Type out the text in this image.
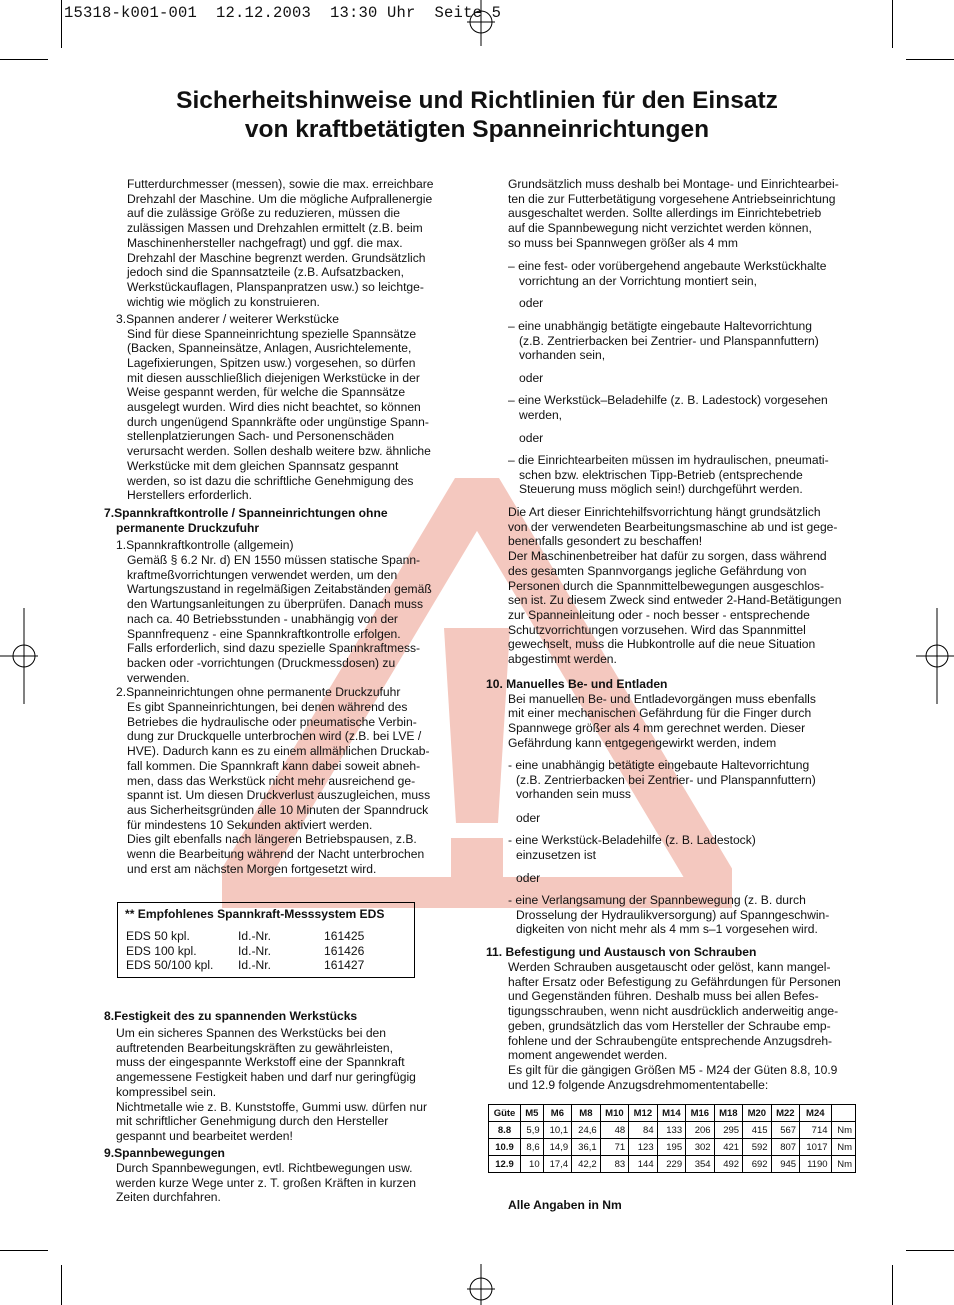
15318-k001-001  12.12.2003  13:30 Uhr  Seite 5
Sicherheitshinweise und Richtlinien für den Einsatz
von kraftbetätigten Spanneinrichtungen
Futterdurchmesser (messen), sowie die max. erreichbare
Drehzahl der Maschine. Um die mögliche Aufprallenergie
auf die zulässige Größe zu reduzieren, müssen die
zulässigen Massen und Drehzahlen ermittelt (z.B. beim
Maschinenhersteller nachgefragt) und ggf. die max.
Drehzahl der Maschine begrenzt werden. Grundsätzlich
jedoch sind die Spannsatzteile (z.B. Aufsatzbacken,
Werkstückauflagen, Planspanpratzen usw.) so leichtge-
wichtig wie möglich zu konstruieren.
3.Spannen anderer / weiterer Werkstücke
Sind für diese Spanneinrichtung spezielle Spannsätze
(Backen, Spanneinsätze, Anlagen, Ausrichtelemente,
Lagefixierungen, Spitzen usw.) vorgesehen, so dürfen
mit diesen ausschließlich diejenigen Werkstücke in der
Weise gespannt werden, für welche die Spannsätze
ausgelegt wurden. Wird dies nicht beachtet, so können
durch ungenügend Spannkräfte oder ungünstige Spann-
stellenplatzierungen Sach- und Personenschäden
verursacht werden. Sollen deshalb weitere bzw. ähnliche
Werkstücke mit dem gleichen Spannsatz gespannt
werden, so ist dazu die schriftliche Genehmigung des
Herstellers erforderlich.
7.Spannkraftkontrolle / Spanneinrichtungen ohne
permanente Druckzufuhr
1.Spannkraftkontrolle (allgemein)
Gemäß § 6.2 Nr. d) EN 1550 müssen statische Spann-
kraftmeßvorrichtungen verwendet werden, um den
Wartungszustand in regelmäßigen Zeitabständen gemäß
den Wartungsanleitungen zu überprüfen. Danach muss
nach ca. 40 Betriebsstunden - unabhängig von der
Spannfrequenz - eine Spannkraftkontrolle erfolgen.
Falls erforderlich, sind dazu spezielle Spannkraftmess-
backen oder -vorrichtungen (Druckmessdosen) zu
verwenden.
2.Spanneinrichtungen ohne permanente Druckzufuhr
Es gibt Spanneinrichtungen, bei denen während des
Betriebes die hydraulische oder pneumatische Verbin-
dung zur Druckquelle unterbrochen wird (z.B. bei LVE /
HVE). Dadurch kann es zu einem allmählichen Druckab-
fall kommen. Die Spannkraft kann dabei soweit abneh-
men, dass das Werkstück nicht mehr ausreichend ge-
spannt ist. Um diesen Druckverlust auszugleichen, muss
aus Sicherheitsgründen alle 10 Minuten der Spanndruck
für mindestens 10 Sekunden aktiviert werden.
Dies gilt ebenfalls nach längeren Betriebspausen, z.B.
wenn die Bearbeitung während der Nacht unterbrochen
und erst am nächsten Morgen fortgesetzt wird.
** Empfohlenes Spannkraft-Messsystem EDS
EDS 50 kpl.	Id.-Nr.	161425
EDS 100 kpl.	Id.-Nr.	161426
EDS 50/100 kpl. Id.-Nr.	161427
8.Festigkeit des zu spannenden Werkstücks
Um ein sicheres Spannen des Werkstücks bei den
auftretenden Bearbeitungskräften zu gewährleisten,
muss der eingespannte Werkstoff eine der Spannkraft
angemessene Festigkeit haben und darf nur geringfügig
kompressibel sein.
Nichtmetalle wie z. B. Kunststoffe, Gummi usw. dürfen nur
mit schriftlicher Genehmigung durch den Hersteller
gespannt und bearbeitet werden!
9.Spannbewegungen
Durch Spannbewegungen, evtl. Richtbewegungen usw.
werden kurze Wege unter z. T. großen Kräften in kurzen
Zeiten durchfahren.
Grundsätzlich muss deshalb bei Montage- und Einrichtearbei-
ten die zur Futterbetätigung vorgesehene Antriebseinrichtung
ausgeschaltet werden. Sollte allerdings im Einrichtebetrieb
auf die Spannbewegung nicht verzichtet werden können,
so muss bei Spannwegen größer als 4 mm
– eine fest- oder vorübergehend angebaute Werkstückhalte
vorrichtung an der Vorrichtung montiert sein,
oder
– eine unabhängig betätigte eingebaute Haltevorrichtung
(z.B. Zentrierbacken bei Zentrier- und Planspannfuttern)
vorhanden sein,
oder
– eine Werkstück–Beladehilfe (z. B. Ladestock) vorgesehen
werden,
oder
– die Einrichtearbeiten müssen im hydraulischen, pneumati-
schen bzw. elektrischen Tipp-Betrieb (entsprechende
Steuerung muss möglich sein!) durchgeführt werden.
Die Art dieser Einrichtehilfsvorrichtung hängt grundsätzlich
von der verwendeten Bearbeitungsmaschine ab und ist gege-
benenfalls gesondert zu beschaffen!
Der Maschinenbetreiber hat dafür zu sorgen, dass während
des gesamten Spannvorgangs jegliche Gefährdung von
Personen durch die Spannmittelbewegungen ausgeschlos-
sen ist. Zu diesem Zweck sind entweder 2-Hand-Betätigungen
zur Spanneinleitung oder - noch besser - entsprechende
Schutzvorrichtungen vorzusehen. Wird das Spannmittel
gewechselt, muss die Hubkontrolle auf die neue Situation
abgestimmt werden.
10. Manuelles Be- und Entladen
Bei manuellen Be- und Entladevorgängen muss ebenfalls
mit einer mechanischen Gefährdung für die Finger durch
Spannwege größer als 4 mm gerechnet werden. Dieser
Gefährdung kann entgegengewirkt werden, indem
- eine unabhängig betätigte eingebaute Haltevorrichtung
(z.B. Zentrierbacken bei Zentrier- und Planspannfuttern)
vorhanden sein muss
oder
- eine Werkstück-Beladehilfe (z. B. Ladestock)
einzusetzen ist
oder
- eine Verlangsamung der Spannbewegung (z. B. durch
Drosselung der Hydraulikversorgung) auf Spanngeschwin-
digkeiten von nicht mehr als 4 mm s–1 vorgesehen wird.
11. Befestigung und Austausch von Schrauben
Werden Schrauben ausgetauscht oder gelöst, kann mangel-
hafter Ersatz oder Befestigung zu Gefährdungen für Personen
und Gegenständen führen. Deshalb muss bei allen Befes-
tigungsschrauben, wenn nicht ausdrücklich anderweitig ange-
geben, grundsätzlich das vom Hersteller der Schraube emp-
fohlene und der Schraubengüte entsprechende Anzugsdreh-
moment angewendet werden.
Es gilt für die gängigen Größen M5 - M24 der Güten 8.8, 10.9
und 12.9 folgende Anzugsdrehmomententabelle:
Alle Angaben in Nm
Güte	M5	M6	M8	M10	M12	M14	M16	M18	M20	M22	M24	
8.8	5,9	10,1	24,6	48	84	133	206	295	415	567	714	Nm
10.9	8,6	14,9	36,1	71	123	195	302	421	592	807	1017	Nm
12.9	10	17,4	42,2	83	144	229	354	492	692	945	1190	Nm
